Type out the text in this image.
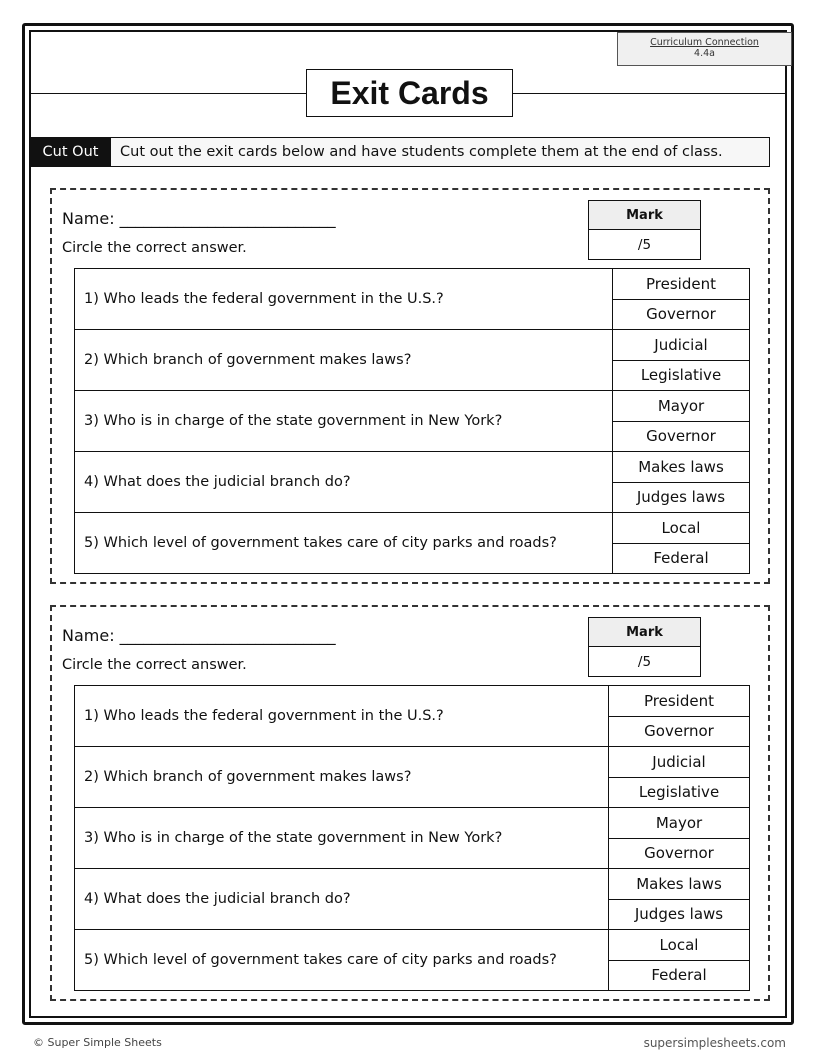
Curriculum Connection
4.4a
Exit Cards
Cut Out	Cut out the exit cards below and have students complete them at the end of class.
Name: ___________________________
Circle the correct answer.
Mark
/5
1) Who leads the federal government in the U.S.?
President
Governor
2) Which branch of government makes laws?
Judicial
Legislative
3) Who is in charge of the state government in New York?
Mayor
Governor
4) What does the judicial branch do?
Makes laws
Judges laws
5) Which level of government takes care of city parks and roads?
Local
Federal
Name: ___________________________
Circle the correct answer.
Mark
/5
1) Who leads the federal government in the U.S.?
President
Governor
2) Which branch of government makes laws?
Judicial
Legislative
3) Who is in charge of the state government in New York?
Mayor
Governor
4) What does the judicial branch do?
Makes laws
Judges laws
5) Which level of government takes care of city parks and roads?
Local
Federal
© Super Simple Sheets	supersimplesheets.com
